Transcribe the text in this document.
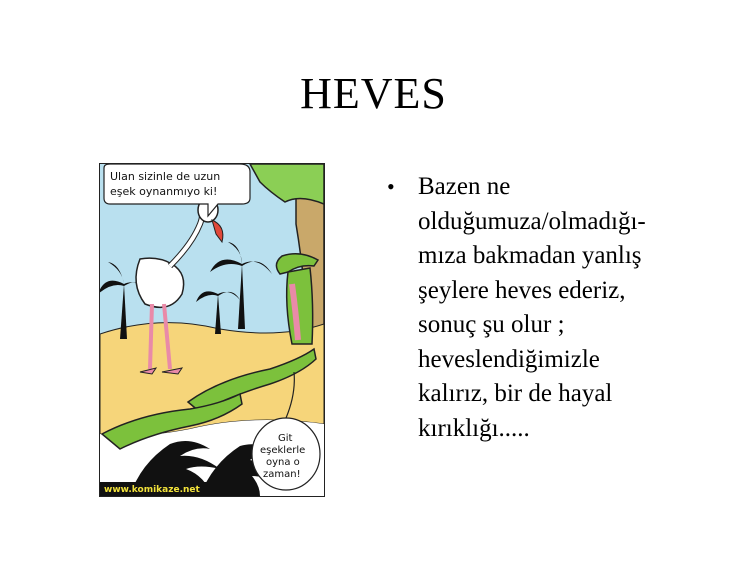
HEVES
Ulan sizinle de uzun
eşek oynanmıyo ki!
Git
eşeklerle
oyna o
zaman!
www.komikaze.net
• Bazen ne
olduğumuza/olmadığı-
mıza bakmadan yanlış
şeylere heves ederiz,
sonuç şu olur ;
heveslendiğimizle
kalırız, bir de hayal
kırıklığı.....
